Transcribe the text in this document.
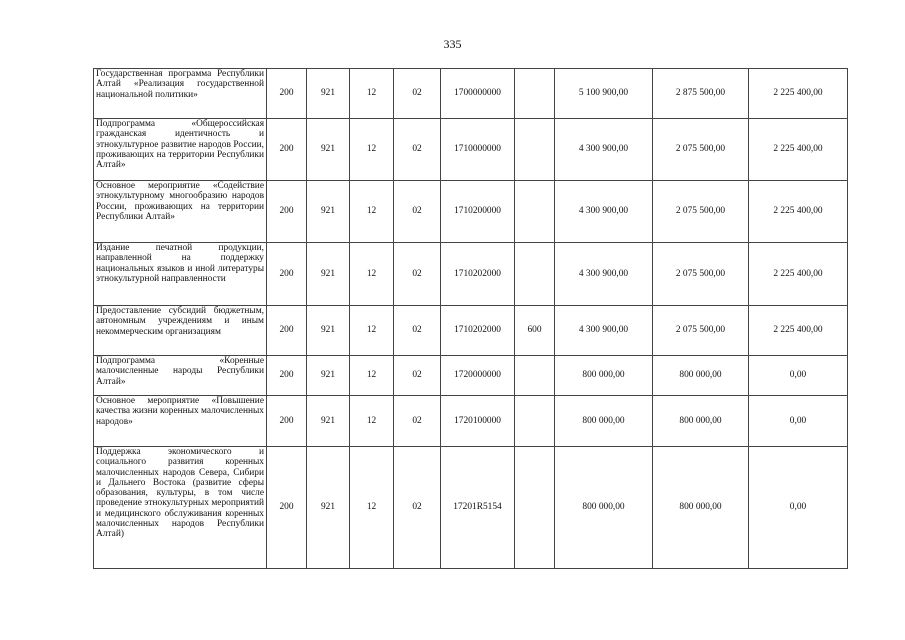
335
Государственная программа Республики Алтай «Реализация государственной национальной политики»	200	921	12	02	1700000000		5 100 900,00	2 875 500,00	2 225 400,00
Подпрограмма «Общероссийская гражданская идентичность и этнокультурное развитие народов России, проживающих на территории Республики Алтай»	200	921	12	02	1710000000		4 300 900,00	2 075 500,00	2 225 400,00
Основное мероприятие «Содействие этнокультурному многообразию народов России, проживающих на территории Республики Алтай»	200	921	12	02	1710200000		4 300 900,00	2 075 500,00	2 225 400,00
Издание печатной продукции, направленной на поддержку национальных языков и иной литературы этнокультурной направленности	200	921	12	02	1710202000		4 300 900,00	2 075 500,00	2 225 400,00
Предоставление субсидий бюджетным, автономным учреждениям и иным некоммерческим организациям	200	921	12	02	1710202000	600	4 300 900,00	2 075 500,00	2 225 400,00
Подпрограмма «Коренные малочисленные народы Республики Алтай»	200	921	12	02	1720000000		800 000,00	800 000,00	0,00
Основное мероприятие «Повышение качества жизни коренных малочисленных народов»	200	921	12	02	1720100000		800 000,00	800 000,00	0,00
Поддержка экономического и социального развития коренных малочисленных народов Севера, Сибири и Дальнего Востока (развитие сферы образования, культуры, в том числе проведение этнокультурных мероприятий и медицинского обслуживания коренных малочисленных народов Республики Алтай)	200	921	12	02	17201R5154		800 000,00	800 000,00	0,00
